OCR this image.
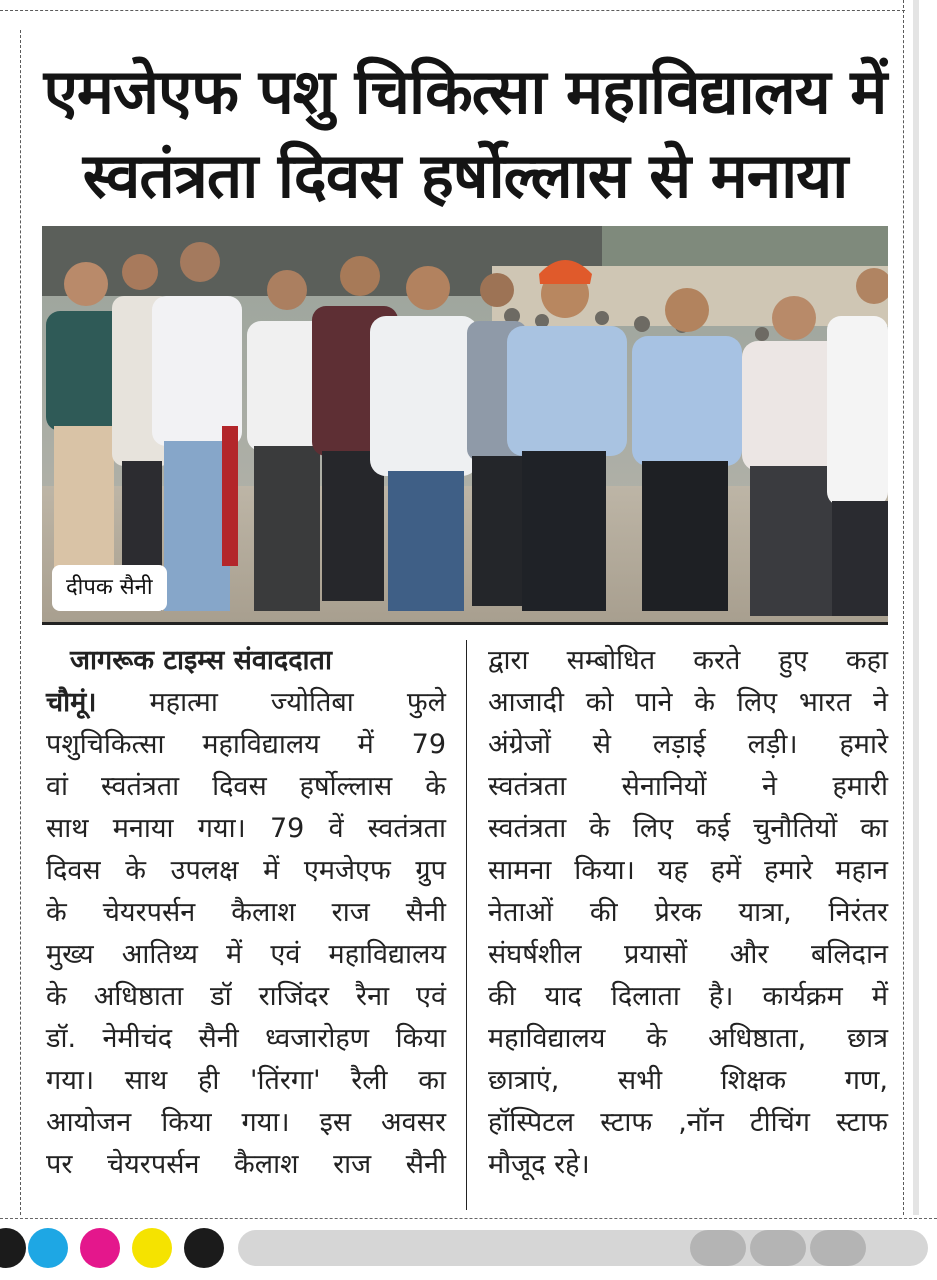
एमजेएफ पशु चिकित्सा महाविद्यालय में
स्वतंत्रता दिवस हर्षोल्लास से मनाया
दीपक सैनी
जागरूक टाइम्स संवाददाता
चौमूं। महात्मा ज्योतिबा फुले
पशुचिकित्सा महाविद्यालय में 79
वां स्वतंत्रता दिवस हर्षोल्लास के
साथ मनाया गया। 79 वें स्वतंत्रता
दिवस के उपलक्ष में एमजेएफ ग्रुप
के चेयरपर्सन कैलाश राज सैनी
मुख्य आतिथ्य में एवं महाविद्यालय
के अधिष्ठाता डॉ राजिंदर रैना एवं
डॉ. नेमीचंद सैनी ध्वजारोहण किया
गया। साथ ही 'तिंरगा' रैली का
आयोजन किया गया। इस अवसर
पर चेयरपर्सन कैलाश राज सैनी
द्वारा सम्बोधित करते हुए कहा
आजादी को पाने के लिए भारत ने
अंग्रेजों से लड़ाई लड़ी। हमारे
स्वतंत्रता सेनानियों ने हमारी
स्वतंत्रता के लिए कई चुनौतियों का
सामना किया। यह हमें हमारे महान
नेताओं की प्रेरक यात्रा, निरंतर
संघर्षशील प्रयासों और बलिदान
की याद दिलाता है। कार्यक्रम में
महाविद्यालय के अधिष्ठाता, छात्र
छात्राएं, सभी शिक्षक गण,
हॉस्पिटल स्टाफ ,नॉन टीचिंग स्टाफ
मौजूद रहे।
